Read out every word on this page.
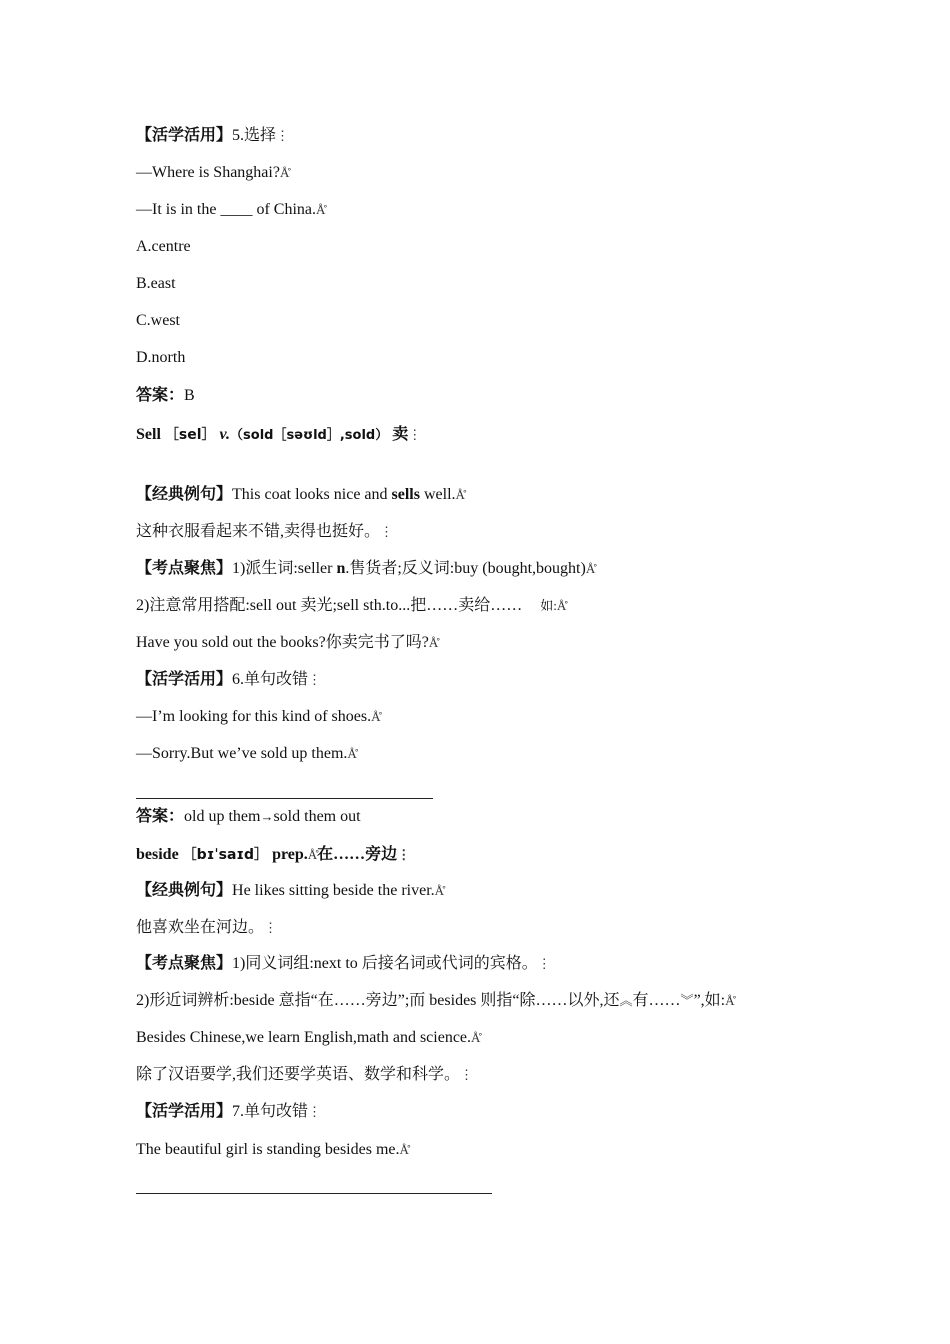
【活学活用】5.选择⋮
—Where is Shanghai?Å̊
—It is in the ____ of China.Å̊
A.centre
B.east
C.west
D.north
答案：B
Sell ［sel］ v.（sold［səʊld］,sold） 卖⋮
【经典例句】This coat looks nice and sells well.Å̊
这种衣服看起来不错,卖得也挺好。⋮
【考点聚焦】1)派生词:seller n.售货者;反义词:buy (bought,bought)Å̊
2)注意常用搭配:sell out 卖光;sell sth.to...把……卖给…… 如:Å̊
Have you sold out the books?你卖完书了吗?Å̊
【活学活用】6.单句改错⋮
—I’m looking for this kind of shoes.Å̊
—Sorry.But we’ve sold up them.Å̊
答案：old up them→sold them out
beside ［bɪˈsaɪd］ prep.Å̊在……旁边⋮
【经典例句】He likes sitting beside the river.Å̊
他喜欢坐在河边。⋮
【考点聚焦】1)同义词组:next to 后接名词或代词的宾格。⋮
2)形近词辨析:beside 意指“在……旁边”;而 besides 则指“除……以外,还︽有……︾”,如:Å̊
Besides Chinese,we learn English,math and science.Å̊
除了汉语要学,我们还要学英语、数学和科学。⋮
【活学活用】7.单句改错⋮
The beautiful girl is standing besides me.Å̊
